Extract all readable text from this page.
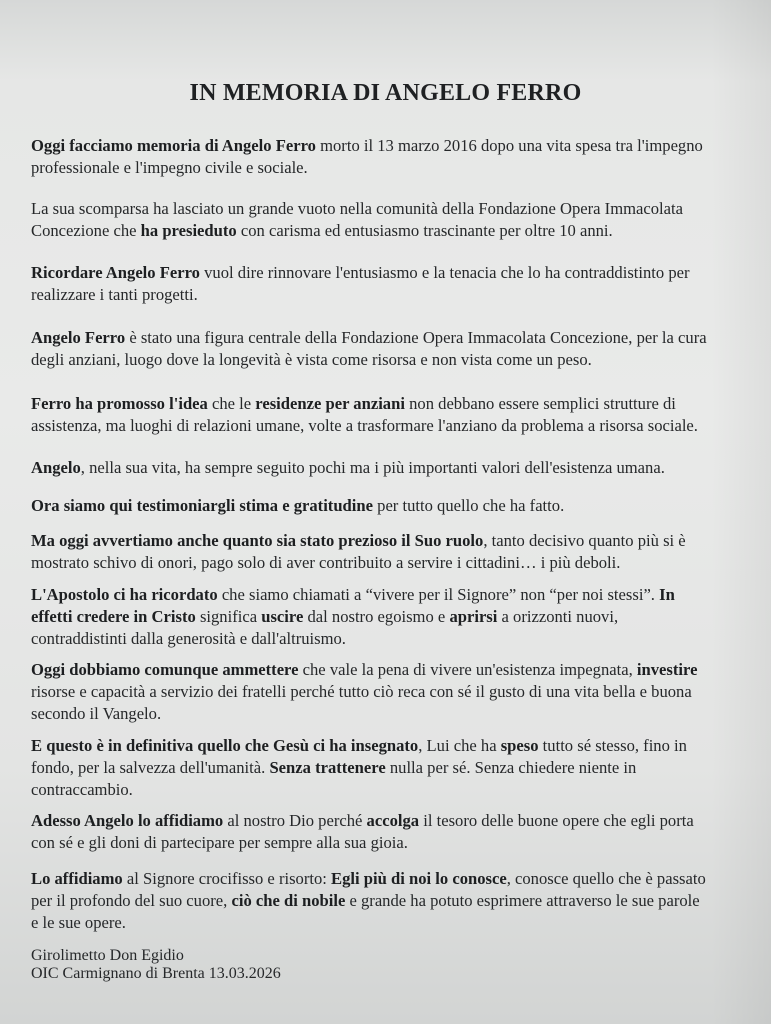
IN MEMORIA DI ANGELO FERRO
Oggi facciamo memoria di Angelo Ferro morto il 13 marzo 2016 dopo una vita spesa tra l'impegno
professionale e l'impegno civile e sociale.
La sua scomparsa ha lasciato un grande vuoto nella comunità della Fondazione Opera Immacolata
Concezione che ha presieduto con carisma ed entusiasmo trascinante per oltre 10 anni.
Ricordare Angelo Ferro vuol dire rinnovare l'entusiasmo e la tenacia che lo ha contraddistinto per
realizzare i tanti progetti.
Angelo Ferro è stato una figura centrale della Fondazione Opera Immacolata Concezione, per la cura
degli anziani, luogo dove la longevità è vista come risorsa e non vista come un peso.
Ferro ha promosso l'idea che le residenze per anziani non debbano essere semplici strutture di
assistenza, ma luoghi di relazioni umane, volte a trasformare l'anziano da problema a risorsa sociale.
Angelo, nella sua vita, ha sempre seguito pochi ma i più importanti valori dell'esistenza umana.
Ora siamo qui testimoniargli stima e gratitudine per tutto quello che ha fatto.
Ma oggi avvertiamo anche quanto sia stato prezioso il Suo ruolo, tanto decisivo quanto più si è
mostrato schivo di onori, pago solo di aver contribuito a servire i cittadini… i più deboli.
L'Apostolo ci ha ricordato che siamo chiamati a “vivere per il Signore” non “per noi stessi”. In
effetti credere in Cristo significa uscire dal nostro egoismo e aprirsi a orizzonti nuovi,
contraddistinti dalla generosità e dall'altruismo.
Oggi dobbiamo comunque ammettere che vale la pena di vivere un'esistenza impegnata, investire
risorse e capacità a servizio dei fratelli perché tutto ciò reca con sé il gusto di una vita bella e buona
secondo il Vangelo.
E questo è in definitiva quello che Gesù ci ha insegnato, Lui che ha speso tutto sé stesso, fino in
fondo, per la salvezza dell'umanità. Senza trattenere nulla per sé. Senza chiedere niente in
contraccambio.
Adesso Angelo lo affidiamo al nostro Dio perché accolga il tesoro delle buone opere che egli porta
con sé e gli doni di partecipare per sempre alla sua gioia.
Lo affidiamo al Signore crocifisso e risorto: Egli più di noi lo conosce, conosce quello che è passato
per il profondo del suo cuore, ciò che di nobile e grande ha potuto esprimere attraverso le sue parole
e le sue opere.
Girolimetto Don Egidio
OIC Carmignano di Brenta 13.03.2026
